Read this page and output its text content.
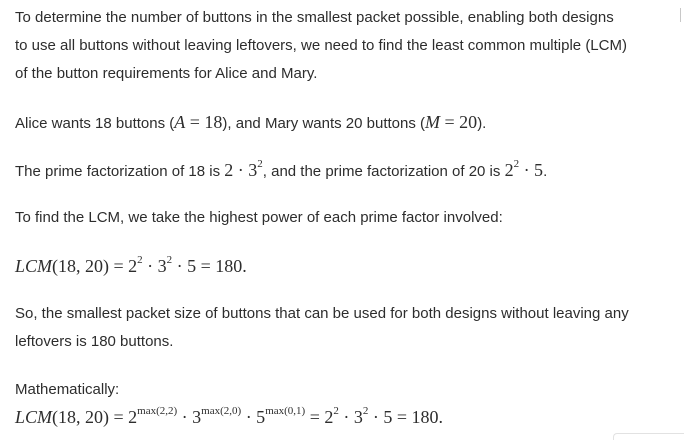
To determine the number of buttons in the smallest packet possible, enabling both designs
to use all buttons without leaving leftovers, we need to find the least common multiple (LCM)
of the button requirements for Alice and Mary.
Alice wants 18 buttons (A = 18), and Mary wants 20 buttons (M = 20).
The prime factorization of 18 is $2 \cdot 3^2$, and the prime factorization of 20 is $2^2 \cdot 5$.
To find the LCM, we take the highest power of each prime factor involved:
LCM(18, $20) = 2^2 \cdot 3^2 \cdot 5 = 180$.
So, the smallest packet size of buttons that can be used for both designs without leaving any
leftovers is 180 buttons.
Mathematically:
LCM(18, $20) = 2^{max(2,2)} \cdot 3^{max(2,0)} \cdot 5^{max(0,1)} = 2^2 \cdot 3^2 \cdot 5 = 180$.
